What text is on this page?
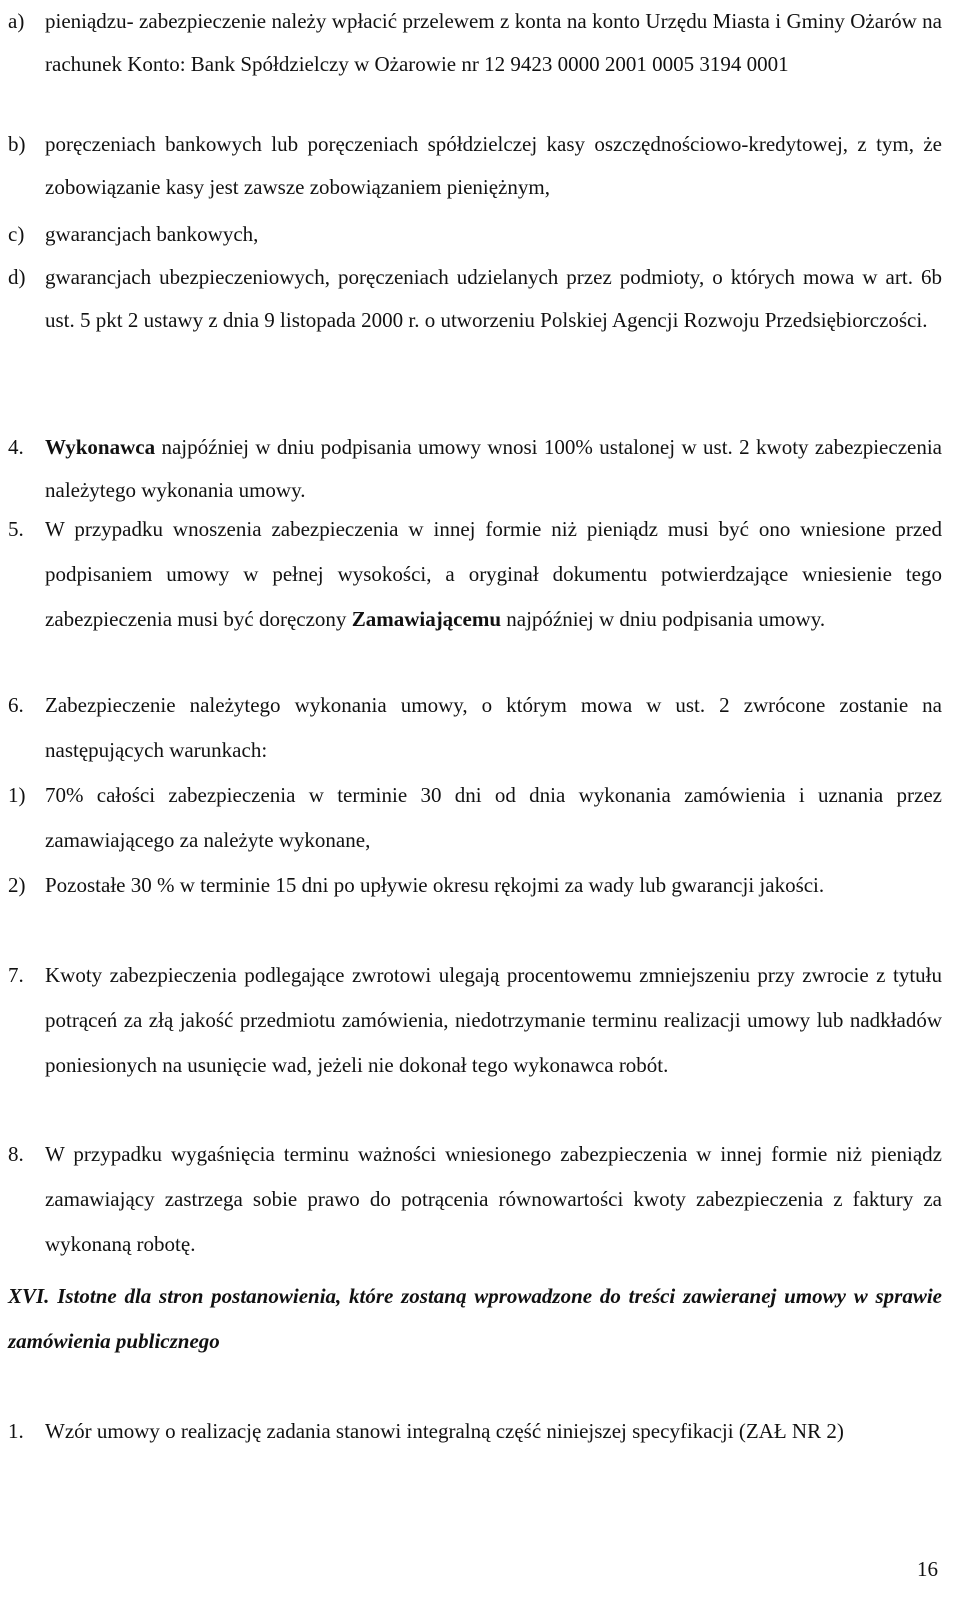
a) pieniądzu- zabezpieczenie należy wpłacić przelewem z konta na konto Urzędu Miasta i Gminy Ożarów na rachunek Konto: Bank Spółdzielczy w Ożarowie nr 12 9423 0000 2001 0005 3194 0001
b) poręczeniach bankowych lub poręczeniach spółdzielczej kasy oszczędnościowo-kredytowej, z tym, że zobowiązanie kasy jest zawsze zobowiązaniem pieniężnym,
c) gwarancjach bankowych,
d) gwarancjach ubezpieczeniowych, poręczeniach udzielanych przez podmioty, o których mowa w art. 6b ust. 5 pkt 2 ustawy z dnia 9 listopada 2000 r. o utworzeniu Polskiej Agencji Rozwoju Przedsiębiorczości.
4.	Wykonawca najpóźniej w dniu podpisania umowy wnosi 100% ustalonej w ust. 2 kwoty zabezpieczenia należytego wykonania umowy.
5.	W przypadku wnoszenia zabezpieczenia w innej formie niż pieniądz musi być ono wniesione przed podpisaniem umowy w pełnej wysokości, a oryginał dokumentu potwierdzające wniesienie tego zabezpieczenia musi być doręczony Zamawiającemu najpóźniej w dniu podpisania umowy.
6.	Zabezpieczenie należytego wykonania umowy, o którym mowa w ust. 2 zwrócone zostanie na następujących warunkach:
1) 70% całości zabezpieczenia w terminie 30 dni od dnia wykonania zamówienia i uznania przez zamawiającego za należyte wykonane,
2) Pozostałe 30 % w terminie 15 dni po upływie okresu rękojmi za wady lub gwarancji jakości.
7.	Kwoty zabezpieczenia podlegające zwrotowi ulegają procentowemu zmniejszeniu przy zwrocie z tytułu potrąceń za złą jakość przedmiotu zamówienia, niedotrzymanie terminu realizacji umowy lub nadkładów poniesionych na usunięcie wad, jeżeli nie dokonał tego wykonawca robót.
8.	W przypadku wygaśnięcia terminu ważności wniesionego zabezpieczenia w innej formie niż pieniądz zamawiający zastrzega sobie prawo do potrącenia równowartości kwoty zabezpieczenia z faktury za wykonaną robotę.
XVI. Istotne dla stron postanowienia, które zostaną wprowadzone do treści zawieranej umowy w sprawie zamówienia publicznego
1.	Wzór umowy o realizację zadania stanowi integralną część niniejszej specyfikacji (ZAŁ NR 2)
16
